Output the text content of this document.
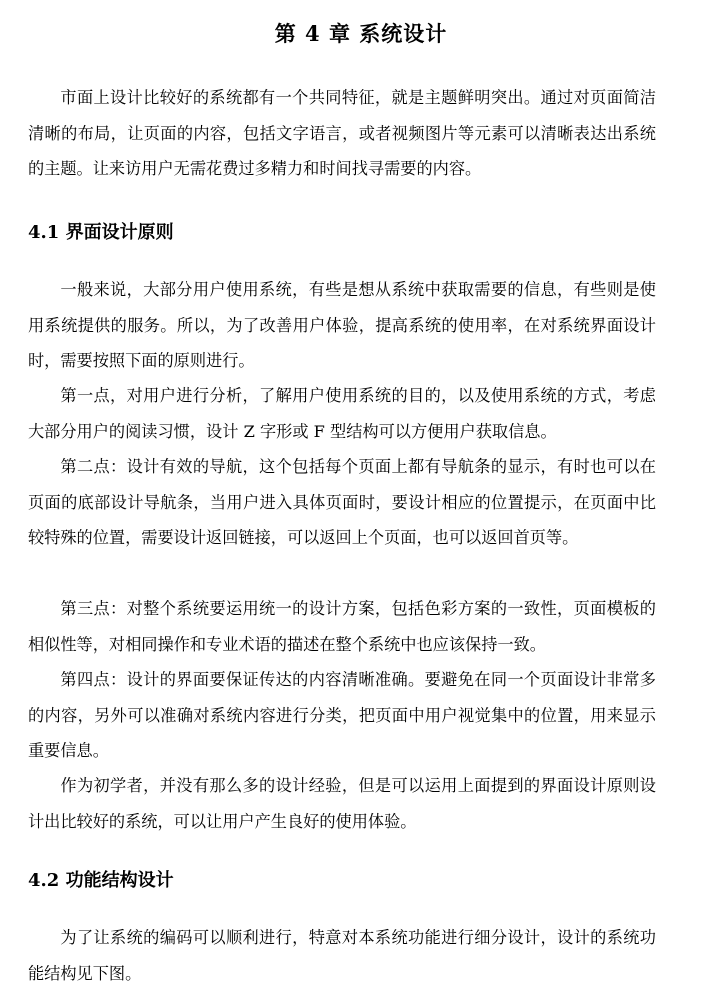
第 4 章 系统设计

市面上设计比较好的系统都有一个共同特征，就是主题鲜明突出。通过对页面简洁清晰的布局，让页面的内容，包括文字语言，或者视频图片等元素可以清晰表达出系统的主题。让来访用户无需花费过多精力和时间找寻需要的内容。

4.1 界面设计原则

一般来说，大部分用户使用系统，有些是想从系统中获取需要的信息，有些则是使用系统提供的服务。所以，为了改善用户体验，提高系统的使用率，在对系统界面设计时，需要按照下面的原则进行。

第一点，对用户进行分析，了解用户使用系统的目的，以及使用系统的方式，考虑大部分用户的阅读习惯，设计 Z 字形或 F 型结构可以方便用户获取信息。

第二点：设计有效的导航，这个包括每个页面上都有导航条的显示，有时也可以在页面的底部设计导航条，当用户进入具体页面时，要设计相应的位置提示，在页面中比较特殊的位置，需要设计返回链接，可以返回上个页面，也可以返回首页等。

第三点：对整个系统要运用统一的设计方案，包括色彩方案的一致性，页面模板的相似性等，对相同操作和专业术语的描述在整个系统中也应该保持一致。

第四点：设计的界面要保证传达的内容清晰准确。要避免在同一个页面设计非常多的内容，另外可以准确对系统内容进行分类，把页面中用户视觉集中的位置，用来显示重要信息。

作为初学者，并没有那么多的设计经验，但是可以运用上面提到的界面设计原则设计出比较好的系统，可以让用户产生良好的使用体验。

4.2 功能结构设计

为了让系统的编码可以顺利进行，特意对本系统功能进行细分设计，设计的系统功能结构见下图。
